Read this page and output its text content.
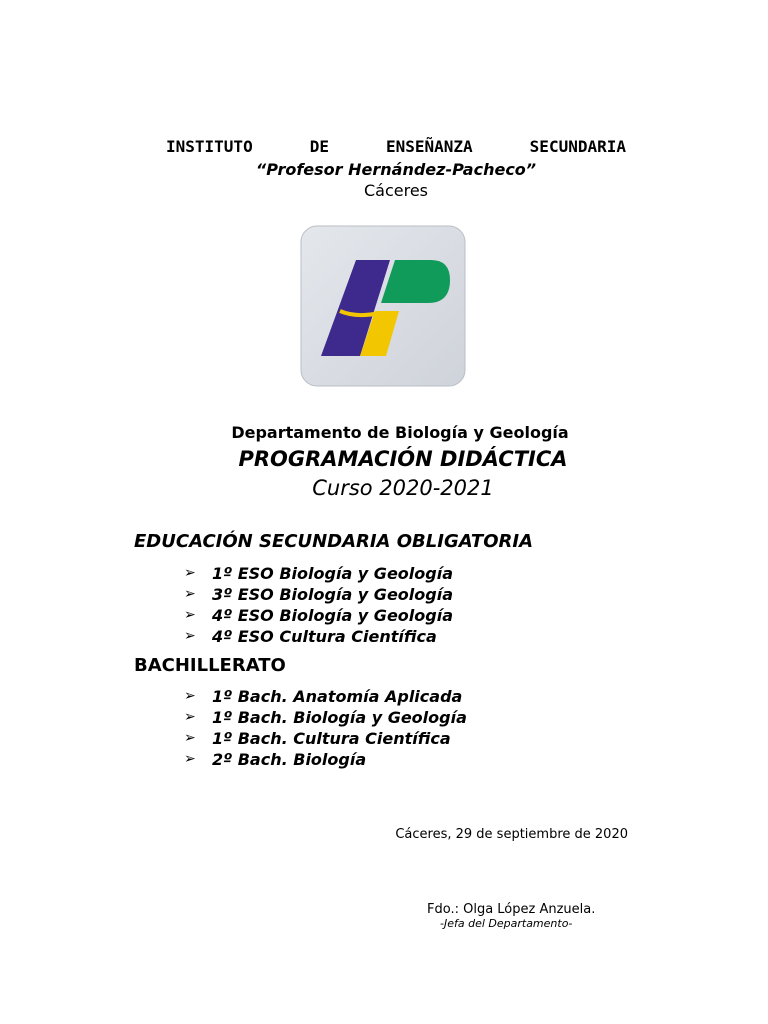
INSTITUTO	DE	ENSEÑANZA	SECUNDARIA
“Profesor Hernández-Pacheco”
Cáceres
Departamento de Biología y Geología
PROGRAMACIÓN DIDÁCTICA
Curso 2020-2021
EDUCACIÓN SECUNDARIA OBLIGATORIA
➢	1º ESO Biología y Geología
➢	3º ESO Biología y Geología
➢	4º ESO Biología y Geología
➢	4º ESO Cultura Científica
BACHILLERATO
➢	1º Bach. Anatomía Aplicada
➢	1º Bach. Biología y Geología
➢	1º Bach. Cultura Científica
➢	2º Bach. Biología
Cáceres, 29 de septiembre de 2020
Fdo.: Olga López Anzuela.
-Jefa del Departamento-
